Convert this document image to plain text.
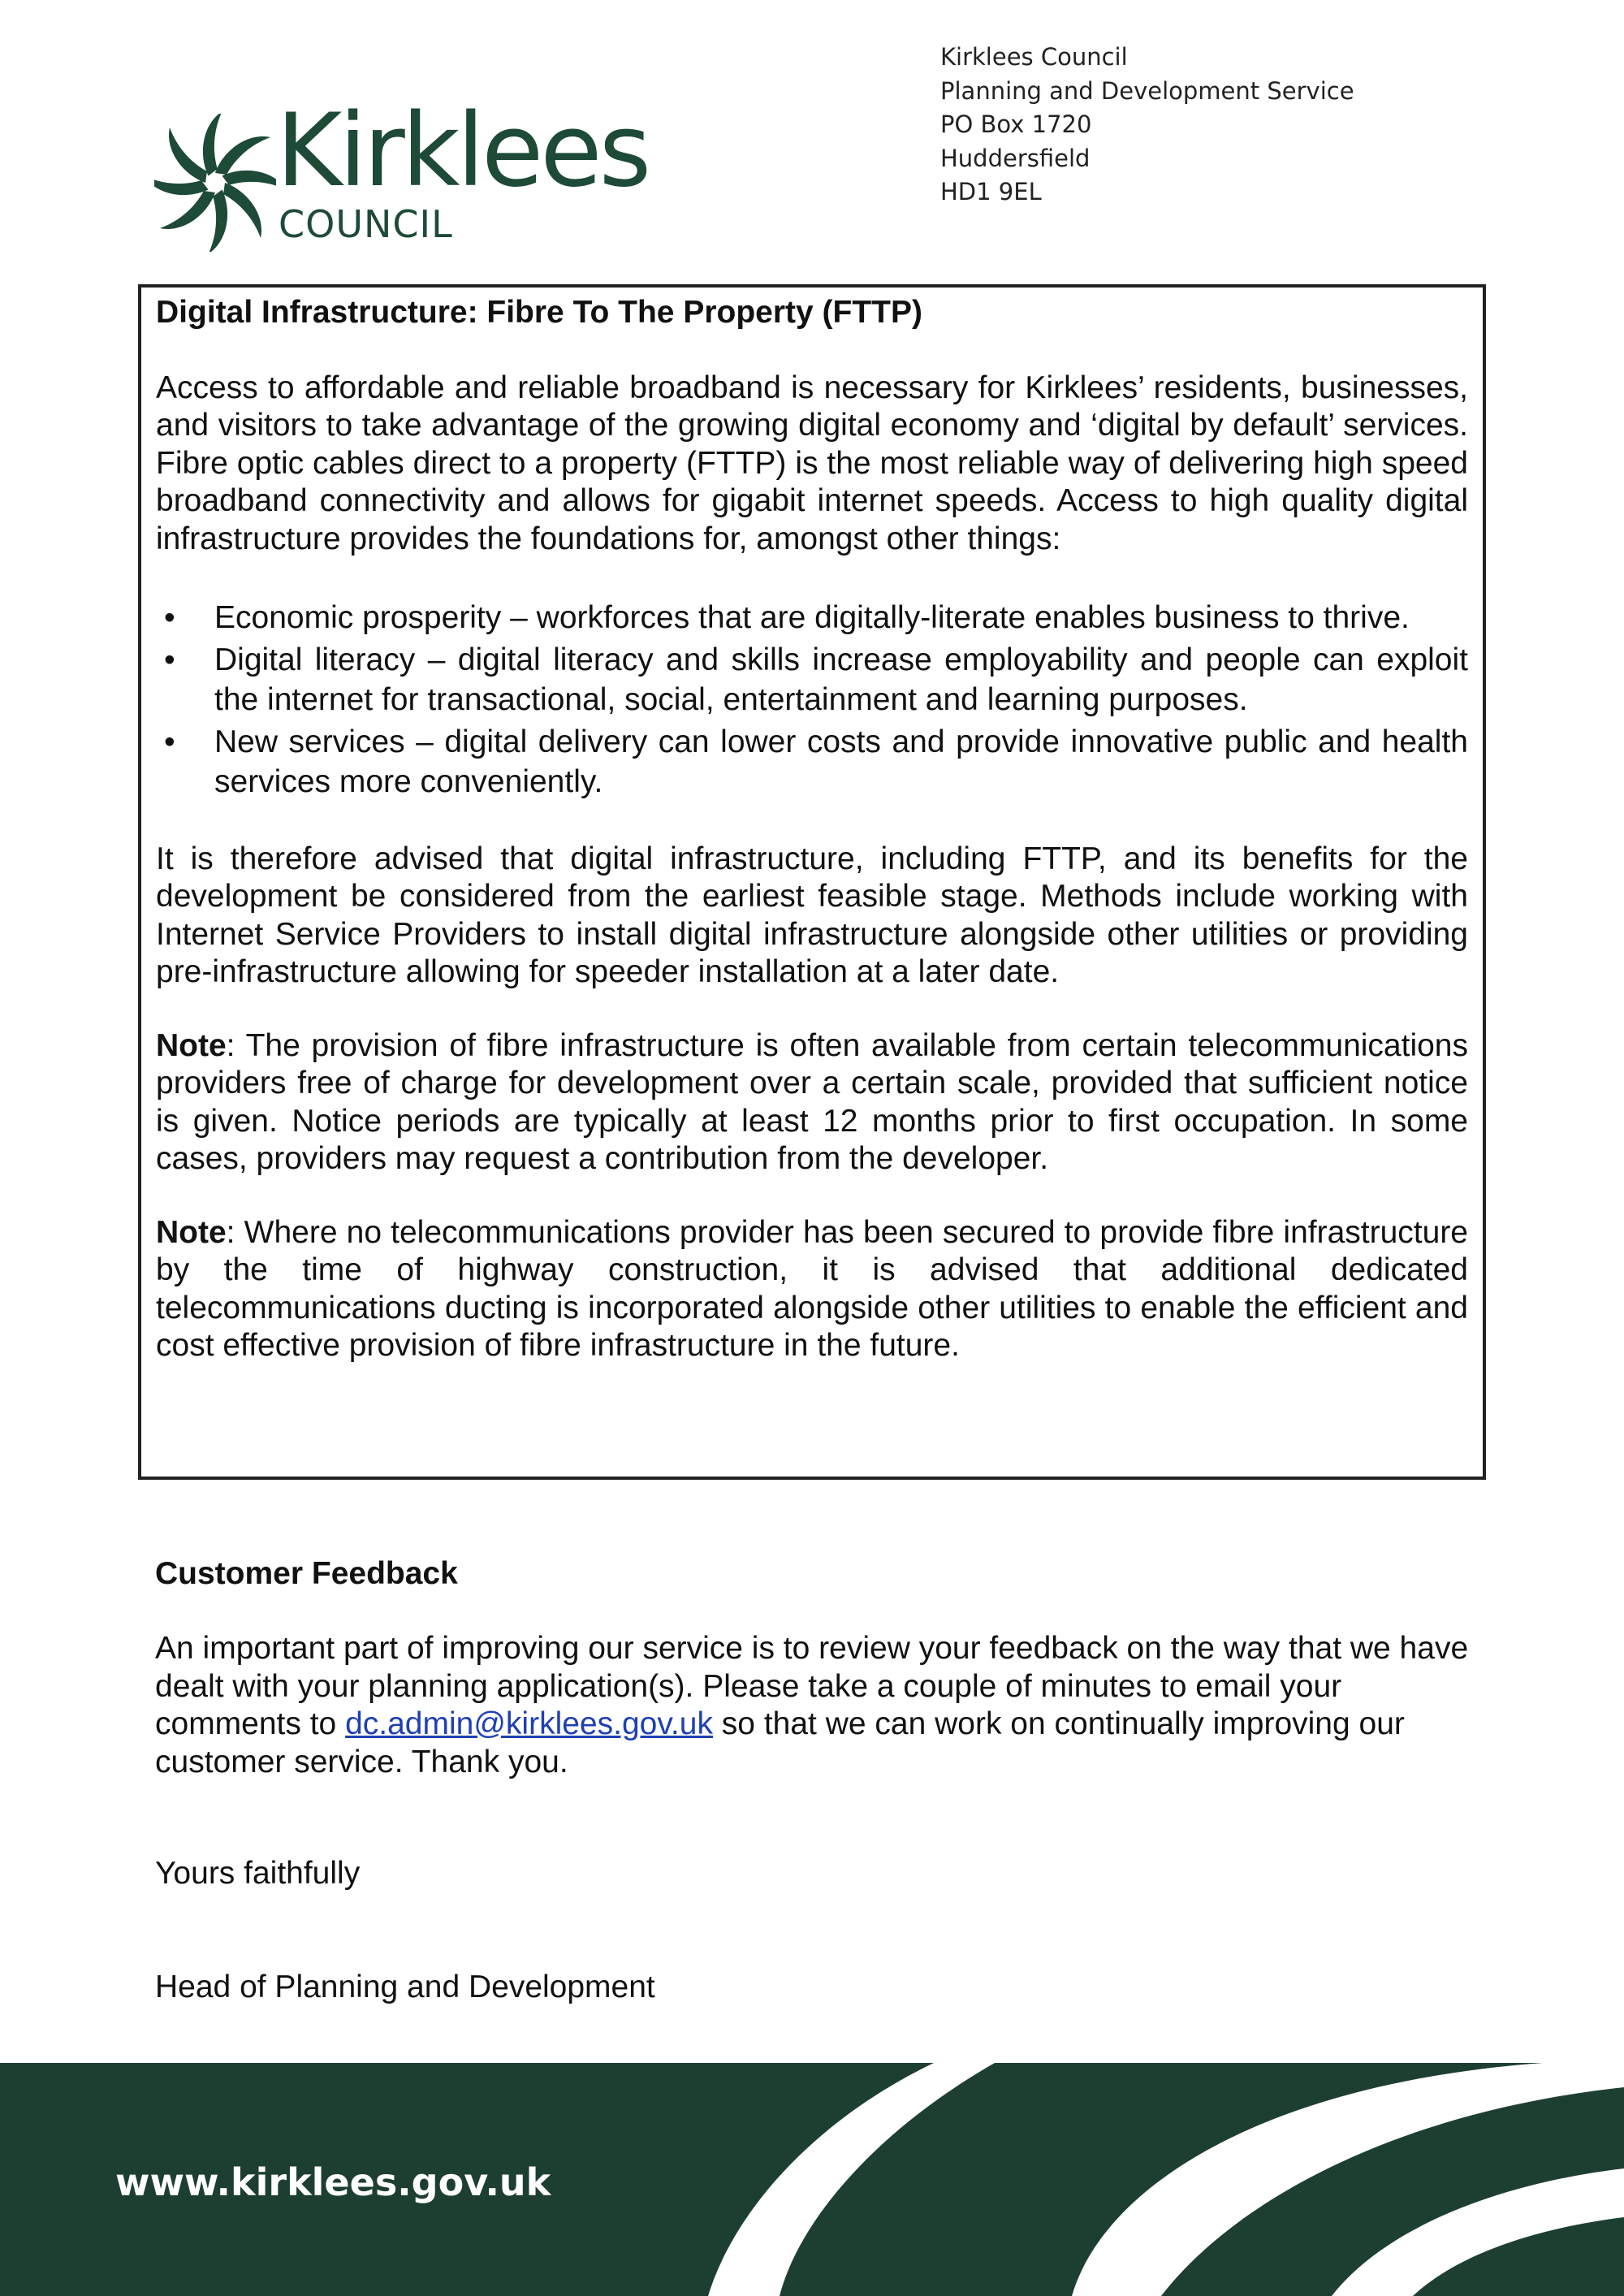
Kirklees
COUNCIL
Kirklees Council
Planning and Development Service
PO Box 1720
Huddersfield
HD1 9EL
Digital Infrastructure: Fibre To The Property (FTTP)

Access to affordable and reliable broadband is necessary for Kirklees’ residents, businesses, and visitors to take advantage of the growing digital economy and ‘digital by default’ services. Fibre optic cables direct to a property (FTTP) is the most reliable way of delivering high speed broadband connectivity and allows for gigabit internet speeds. Access to high quality digital infrastructure provides the foundations for, amongst other things:

• Economic prosperity – workforces that are digitally-literate enables business to thrive.
• Digital literacy – digital literacy and skills increase employability and people can exploit the internet for transactional, social, entertainment and learning purposes.
• New services – digital delivery can lower costs and provide innovative public and health services more conveniently.

It is therefore advised that digital infrastructure, including FTTP, and its benefits for the development be considered from the earliest feasible stage. Methods include working with Internet Service Providers to install digital infrastructure alongside other utilities or providing pre-infrastructure allowing for speeder installation at a later date.

Note: The provision of fibre infrastructure is often available from certain telecommunications providers free of charge for development over a certain scale, provided that sufficient notice is given. Notice periods are typically at least 12 months prior to first occupation. In some cases, providers may request a contribution from the developer.

Note: Where no telecommunications provider has been secured to provide fibre infrastructure by the time of highway construction, it is advised that additional dedicated telecommunications ducting is incorporated alongside other utilities to enable the efficient and cost effective provision of fibre infrastructure in the future.

Customer Feedback
An important part of improving our service is to review your feedback on the way that we have dealt with your planning application(s). Please take a couple of minutes to email your comments to dc.admin@kirklees.gov.uk so that we can work on continually improving our customer service. Thank you.
Yours faithfully
Head of Planning and Development
www.kirklees.gov.uk
